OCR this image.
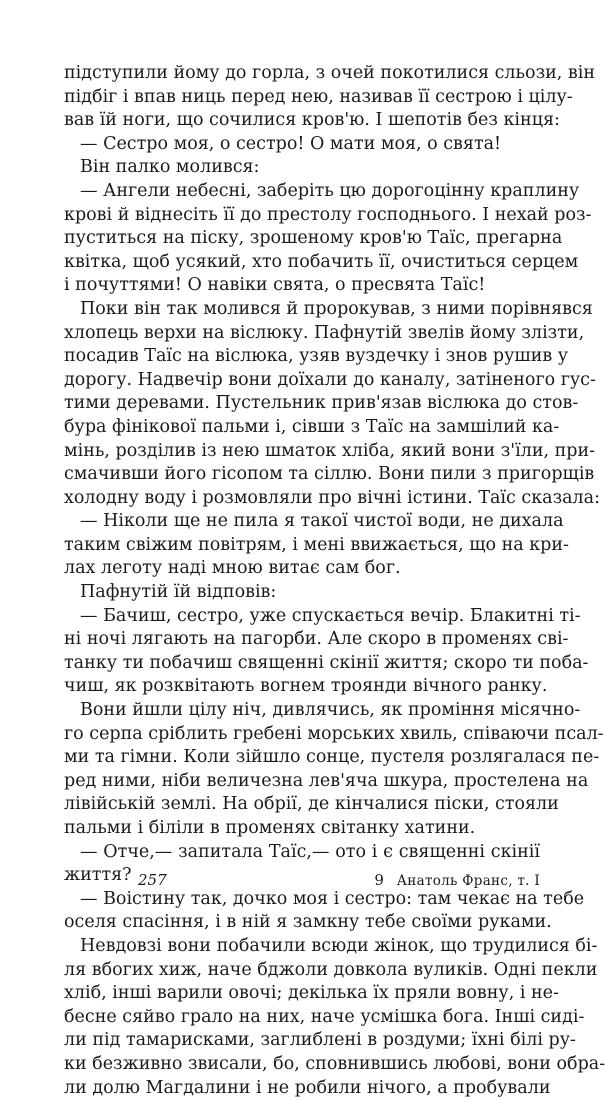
підступили йому до горла, з очей покотилися сльози, він

підбіг і впав ниць перед нею, називав її сестрою і цілу-

вав їй ноги, що сочилися кров'ю. І шепотів без кінця:

— Сестро моя, о сестро! О мати моя, о свята!

Він палко молився:

— Ангели небесні, заберіть цю дорогоцінну краплину

крові й віднесіть її до престолу господнього. І нехай роз-

пуститься на піску, зрошеному кров'ю Таїс, прегарна

квітка, щоб усякий, хто побачить її, очиститься серцем

і почуттями! О навіки свята, о пресвята Таїс!

Поки він так молився й пророкував, з ними порівнявся

хлопець верхи на віслюку. Пафнутій звелів йому злізти,

посадив Таїс на віслюка, узяв вуздечку і знов рушив у

дорогу. Надвечір вони доїхали до каналу, затіненого гус-

тими деревами. Пустельник прив'язав віслюка до стов-

бура фінікової пальми і, сівши з Таїс на замшілий ка-

мінь, розділив із нею шматок хліба, який вони з'їли, при-

смачивши його гісопом та сіллю. Вони пили з пригорщів

холодну воду і розмовляли про вічні істини. Таїс сказала:

— Ніколи ще не пила я такої чистої води, не дихала

таким свіжим повітрям, і мені ввижається, що на кри-

лах леготу наді мною витає сам бог.

Пафнутій їй відповів:

— Бачиш, сестро, уже спускається вечір. Блакитні ті-

ні ночі лягають на пагорби. Але скоро в променях сві-

танку ти побачиш священні скінії життя; скоро ти поба-

чиш, як розквітають вогнем троянди вічного ранку.

Вони йшли цілу ніч, дивлячись, як проміння місячно-

го серпа сріблить гребені морських хвиль, співаючи псал-

ми та гімни. Коли зійшло сонце, пустеля розлягалася пе-

ред ними, ніби величезна лев'яча шкура, простелена на

лівійській землі. На обрії, де кінчалися піски, стояли

пальми і біліли в променях світанку хатини.

— Отче,— запитала Таїс,— ото і є священні скінії

життя?

— Воістину так, дочко моя і сестро: там чекає на тебе

оселя спасіння, і в ній я замкну тебе своїми руками.

Невдовзі вони побачили всюди жінок, що трудилися бі-

ля вбогих хиж, наче бджоли довкола вуликів. Одні пекли

хліб, інші варили овочі; декілька їх пряли вовну, і не-

бесне сяйво грало на них, наче усмішка бога. Інші сиді-

ли під тамарисками, заглиблені в роздуми; їхні білі ру-

ки безживно звисали, бо, сповнившись любові, вони обра-

ли долю Магдалини і не робили нічого, а пробували

257	9 Анатоль Франс, т. І
